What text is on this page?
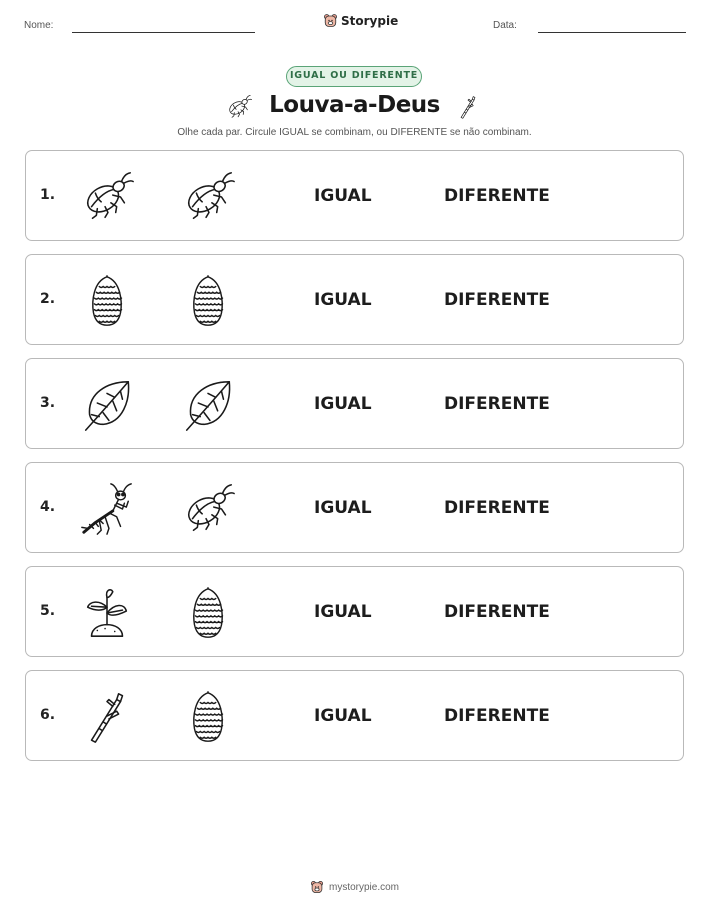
Nome:	Storypie	Data:
IGUAL OU DIFERENTE
Louva-a-Deus
Olhe cada par. Circule IGUAL se combinam, ou DIFERENTE se não combinam.
1.	IGUAL	DIFERENTE
2.	IGUAL	DIFERENTE
3.	IGUAL	DIFERENTE
4.	IGUAL	DIFERENTE
5.	IGUAL	DIFERENTE
6.	IGUAL	DIFERENTE
mystorypie.com
